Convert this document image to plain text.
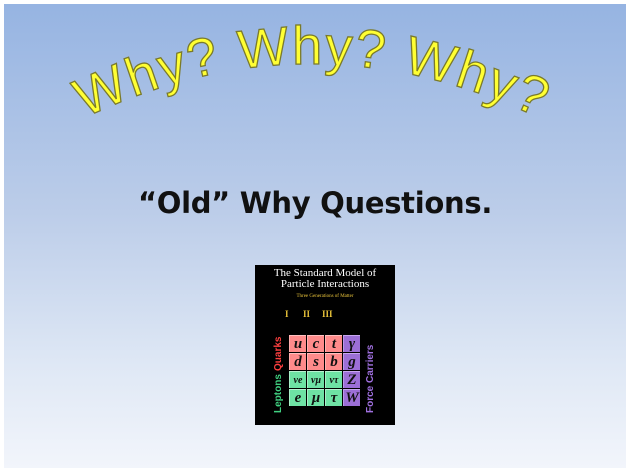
Why? Why? Why?
“Old” Why Questions.
The Standard Model of
Particle Interactions
Three Generations of Matter
I II III
u c t γ
d s b g
νe νμ ντ Z
e μ τ W
Quarks
Leptons	Force Carriers
